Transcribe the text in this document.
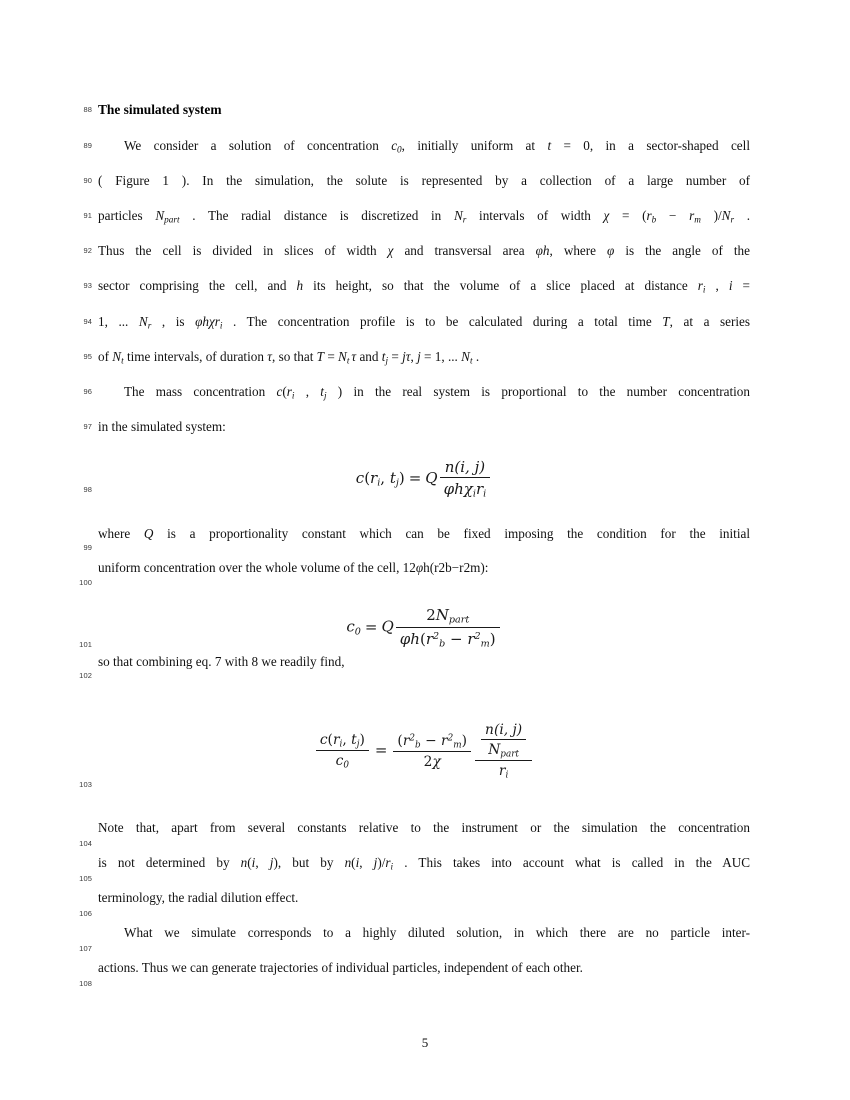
88
89
90
91
92
93
94
95
96
97
98
99
100
101
102
103
104
105
106
107
108
The simulated system
We consider a solution of concentration $c_0$, initially uniform at t = 0, in a sector-shaped cell
( Figure 1 ). In the simulation, the solute is represented by a collection of a large number of
particles $N_{part}$ . The radial distance is discretized in $N_r$ intervals of width $\chi = (r_b - r_m$ )$/N_r$ .
Thus the cell is divided in slices of width χ and transversal area φh, where φ is the angle of the
sector comprising the cell, and h its height, so that the volume of a slice placed at distance $r_i$ , i =
1, ... $N_r$ , is φhχr$_i$ . The concentration profile is to be calculated during a total time T, at a series
of $N_t$ time intervals, of duration τ, so that $T = N_t$ τ and $t_j = j\tau$, j = 1, ... $N_t$ .
The mass concentration $c(r_i$ , $t_j$ ) in the real system is proportional to the number concentration
in the simulated system:
c(ri, tj) = Q $\frac{n(i, j)}{\text{φhχiri}}$
where Q is a proportionality constant which can be fixed imposing the condition for the initial
uniform concentration over the whole volume of the cell, 12φh(r2b−r2m):
c0 = Q $\frac{\text{2Npart}}{\varphi h(r^2b - r^2m)}$
so that combining eq. 7 with 8 we readily find,
$\frac{c(ri, tj)}{c0} = \frac{(r^2b - r^2m)}{2\chi} \frac{\frac{n(i, j)}{\text{Npart}}}{ri}$
Note that, apart from several constants relative to the instrument or the simulation the concentration
is not determined by n(i, j), but by n(i, $j)/r_i$ . This takes into account what is called in the AUC
terminology, the radial dilution effect.
What we simulate corresponds to a highly diluted solution, in which there are no particle inter-
actions. Thus we can generate trajectories of individual particles, independent of each other.
5
